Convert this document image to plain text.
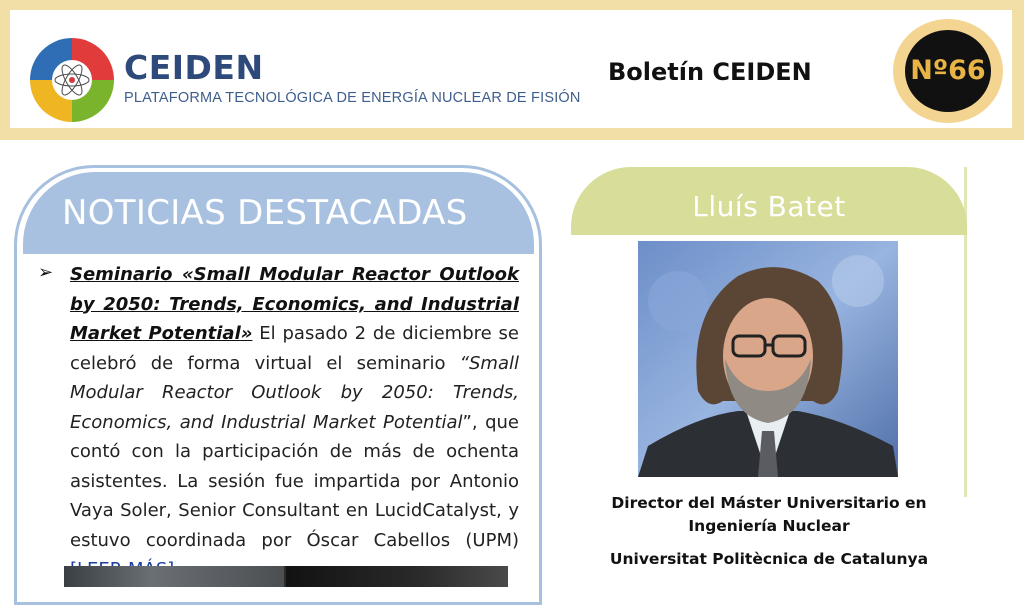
CEIDEN
PLATAFORMA TECNOLÓGICA DE ENERGÍA NUCLEAR DE FISIÓN
Boletín CEIDEN	Nº66
NOTICIAS DESTACADAS
➢ Seminario «Small Modular Reactor Outlook by 2050: Trends, Economics, and Industrial Market Potential» El pasado 2 de diciembre se celebró de forma virtual el seminario “Small Modular Reactor Outlook by 2050: Trends, Economics, and Industrial Market Potential”, que contó con la participación de más de ochenta asistentes. La sesión fue impartida por Antonio Vaya Soler, Senior Consultant en LucidCatalyst, y estuvo coordinada por Óscar Cabellos (UPM)
Lluís Batet
Director del Máster Universitario en Ingeniería Nuclear
Universitat Politècnica de Catalunya
